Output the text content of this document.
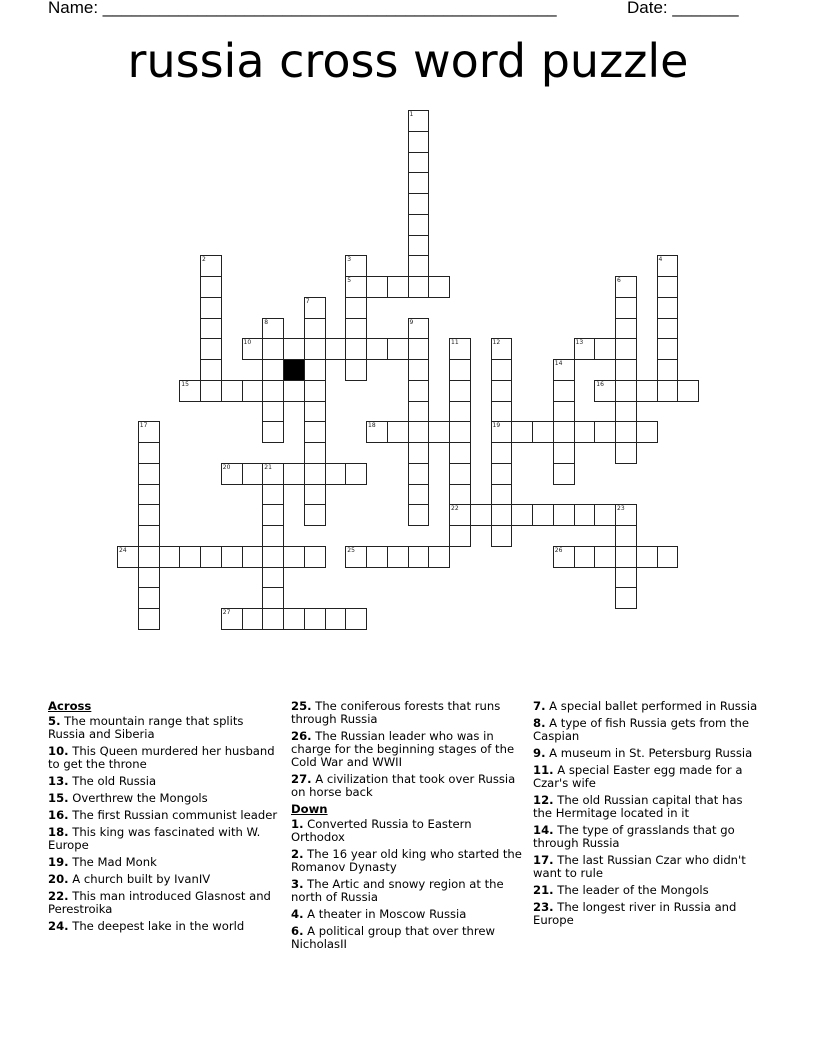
Name: ________________________________________________	Date: _______
russia cross word puzzle
1
2	3
5
4
6
7
8	9
10	11
22
12
19
13
14
15	16
17	18
20	21
23
24	25	26
27
Across
5. The mountain range that splits Russia and Siberia
10. This Queen murdered her husband to get the throne
13. The old Russia
15. Overthrew the Mongols
16. The first Russian communist leader
18. This king was fascinated with W. Europe
19. The Mad Monk
20. A church built by IvanIV
22. This man introduced Glasnost and Perestroika
24. The deepest lake in the world
25. The coniferous forests that runs through Russia
26. The Russian leader who was in charge for the beginning stages of the Cold War and WWII
27. A civilization that took over Russia on horse back
Down
1. Converted Russia to Eastern Orthodox
2. The 16 year old king who started the Romanov Dynasty
3. The Artic and snowy region at the north of Russia
4. A theater in Moscow Russia
6. A political group that over threw NicholasII
7. A special ballet performed in Russia
8. A type of fish Russia gets from the Caspian
9. A museum in St. Petersburg Russia
11. A special Easter egg made for a Czar's wife
12. The old Russian capital that has the Hermitage located in it
14. The type of grasslands that go through Russia
17. The last Russian Czar who didn't want to rule
21. The leader of the Mongols
23. The longest river in Russia and Europe
